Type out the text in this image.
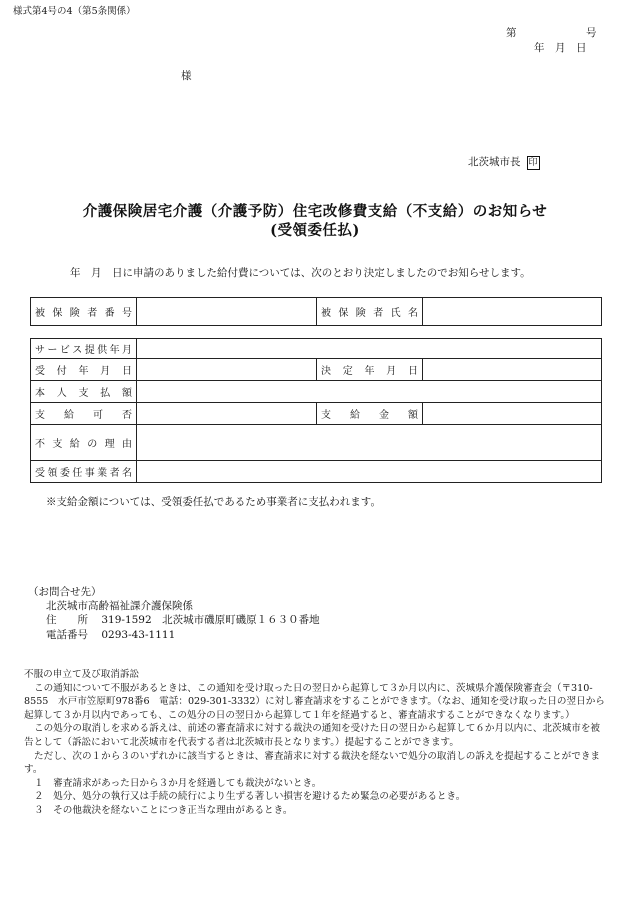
様式第4号の4（第5条関係）
第	号
年　月　日
様
北茨城市長 印
介護保険居宅介護（介護予防）住宅改修費支給（不支給）のお知らせ
(受領委任払)
年　月　日に申請のありました給付費については、次のとおり決定しましたのでお知らせします。
被保険者番号		被保険者氏名

サービス提供年月			

受付年月日		決定年月日	

本人支払額			

支給可否		支給金額	

不支給の理由			

受領委任事業者名			

※支給金額については、受領委任払であるため事業者に支払われます。
（お問合せ先）
北茨城市高齢福祉課介護保険係
住　　所 319-1592　北茨城市磯原町磯原１６３０番地
電話番号 0293-43-1111

不服の申立て及び取消訴訟

この通知について不服があるときは、この通知を受け取った日の翌日から起算して３か月以内に、茨城県介護保険審査会（〒310-8555　水戸市笠原町978番6　電話：029-301-3332）に対し審査請求をすることができます。（なお、通知を受け取った日の翌日から起算して３か月以内であっても、この処分の日の翌日から起算して１年を経過すると、審査請求することができなくなります。）

この処分の取消しを求める訴えは、前述の審査請求に対する裁決の通知を受けた日の翌日から起算して６か月以内に、北茨城市を被告として（訴訟において北茨城市を代表する者は北茨城市長となります。）提起することができます。

ただし、次の１から３のいずれかに該当するときは、審査請求に対する裁決を経ないで処分の取消しの訴えを提起することができます。

１　審査請求があった日から３か月を経過しても裁決がないとき。

２　処分、処分の執行又は手続の続行により生ずる著しい損害を避けるため緊急の必要があるとき。

３　その他裁決を経ないことにつき正当な理由があるとき。
